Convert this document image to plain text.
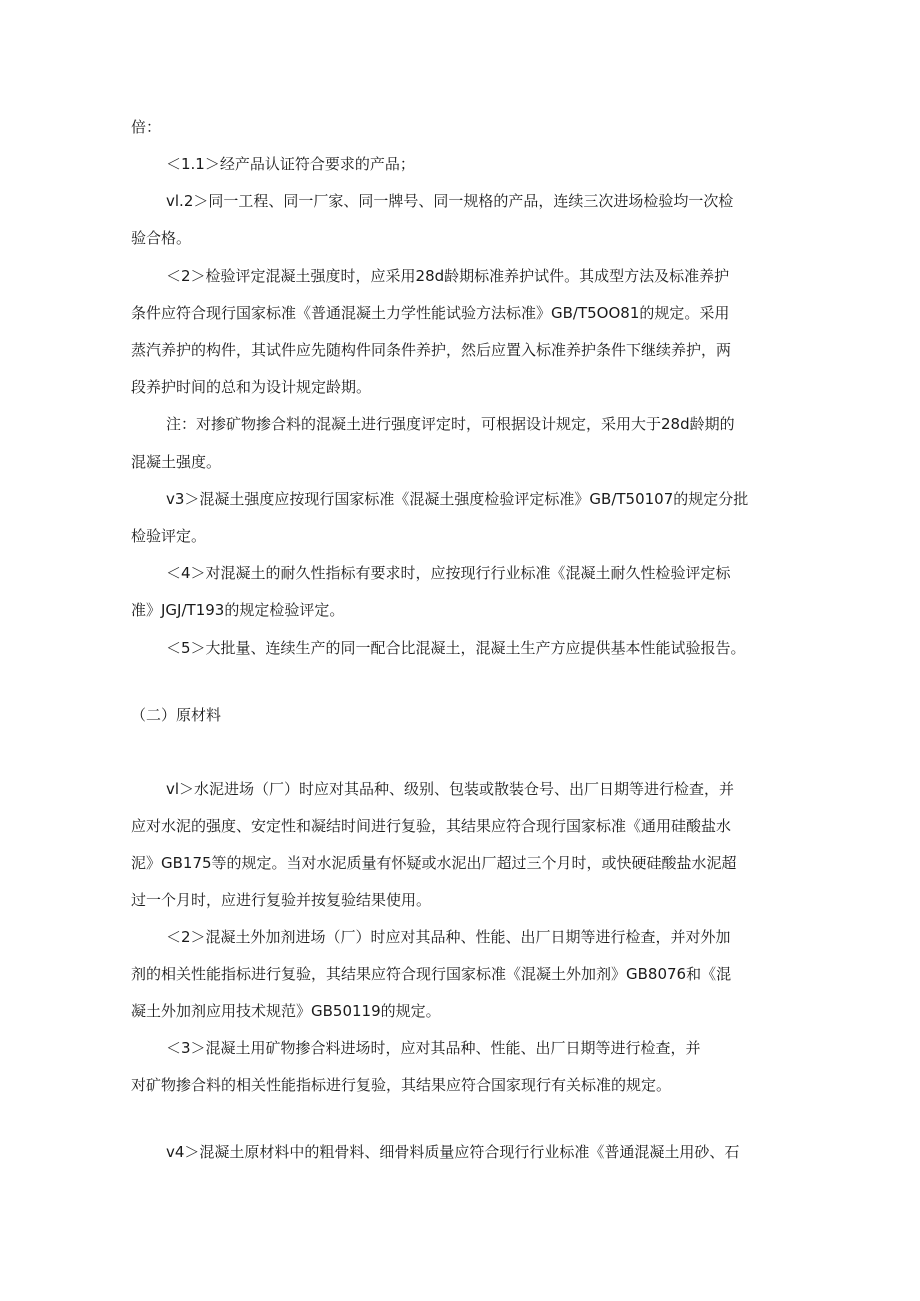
倍：
＜1.1＞经产品认证符合要求的产品；
vl.2＞同一工程、同一厂家、同一牌号、同一规格的产品，连续三次进场检验均一次检
验合格。
＜2＞检验评定混凝土强度时，应采用28d龄期标准养护试件。其成型方法及标准养护
条件应符合现行国家标准《普通混凝土力学性能试验方法标准》GB/T5OO81的规定。采用
蒸汽养护的构件，其试件应先随构件同条件养护，然后应置入标准养护条件下继续养护，两
段养护时间的总和为设计规定龄期。
注：对掺矿物掺合料的混凝土进行强度评定时，可根据设计规定，采用大于28d龄期的
混凝土强度。
v3＞混凝土强度应按现行国家标准《混凝土强度检验评定标准》GB/T50107的规定分批
检验评定。
＜4＞对混凝土的耐久性指标有要求时，应按现行行业标准《混凝土耐久性检验评定标
准》JGJ/T193的规定检验评定。
＜5＞大批量、连续生产的同一配合比混凝土，混凝土生产方应提供基本性能试验报告。
（二）原材料
vl＞水泥进场（厂）时应对其品种、级别、包装或散装仓号、出厂日期等进行检查，并
应对水泥的强度、安定性和凝结时间进行复验，其结果应符合现行国家标准《通用硅酸盐水
泥》GB175等的规定。当对水泥质量有怀疑或水泥出厂超过三个月时，或快硬硅酸盐水泥超
过一个月时，应进行复验并按复验结果使用。
＜2＞混凝土外加剂进场（厂）时应对其品种、性能、出厂日期等进行检查，并对外加
剂的相关性能指标进行复验，其结果应符合现行国家标准《混凝土外加剂》GB8076和《混
凝土外加剂应用技术规范》GB50119的规定。
＜3＞混凝土用矿物掺合料进场时，应对其品种、性能、出厂日期等进行检查，并
对矿物掺合料的相关性能指标进行复验，其结果应符合国家现行有关标准的规定。
v4＞混凝土原材料中的粗骨料、细骨料质量应符合现行行业标准《普通混凝土用砂、石
